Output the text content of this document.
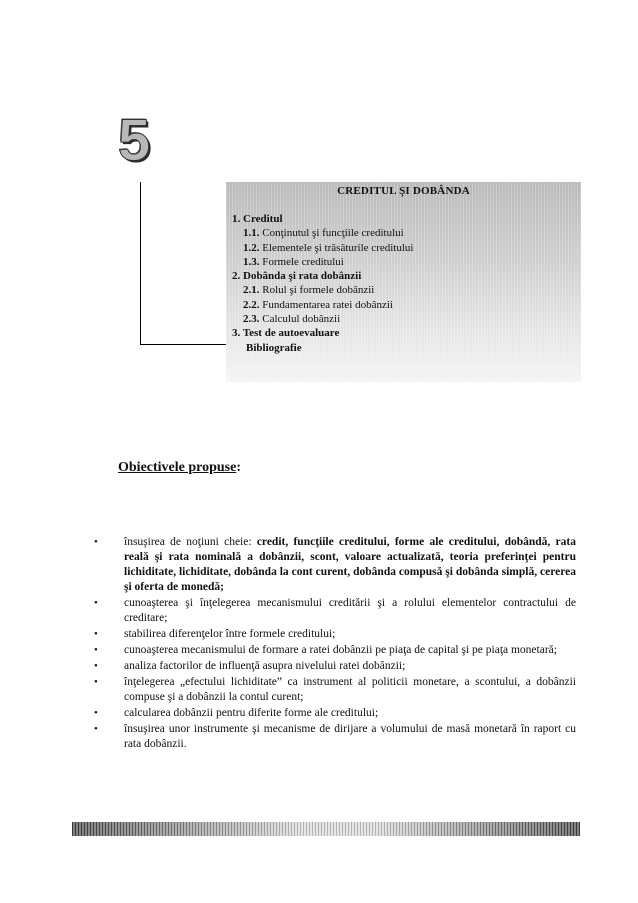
5
CREDITUL ŞI DOBÂNDA
1. Creditul
1.1. Conţinutul şi funcţiile creditului
1.2. Elementele şi trăsăturile creditului
1.3. Formele creditului
2. Dobânda şi rata dobânzii
2.1. Rolul şi formele dobânzii
2.2. Fundamentarea ratei dobânzii
2.3. Calculul dobânzii
3. Test de autoevaluare
Bibliografie
Obiectivele propuse:
• însuşirea de noţiuni cheie: credit, funcţiile creditului, forme ale creditului, dobândă, rata reală şi rata nominală a dobânzii, scont, valoare actualizată, teoria preferinţei pentru lichiditate, lichiditate, dobânda la cont curent, dobânda compusă şi dobânda simplă, cererea şi oferta de monedă;
• cunoaşterea şi înţelegerea mecanismului creditării şi a rolului elementelor contractului de creditare;
• stabilirea diferenţelor între formele creditului;
• cunoaşterea mecanismului de formare a ratei dobânzii pe piaţa de capital şi pe piaţa monetară;
• analiza factorilor de influenţă asupra nivelului ratei dobânzii;
• înţelegerea „efectului lichiditate” ca instrument al politicii monetare, a scontului, a dobânzii compuse şi a dobânzii la contul curent;
• calcularea dobânzii pentru diferite forme ale creditului;
• însuşirea unor instrumente şi mecanisme de dirijare a volumului de masă monetară în raport cu rata dobânzii.
